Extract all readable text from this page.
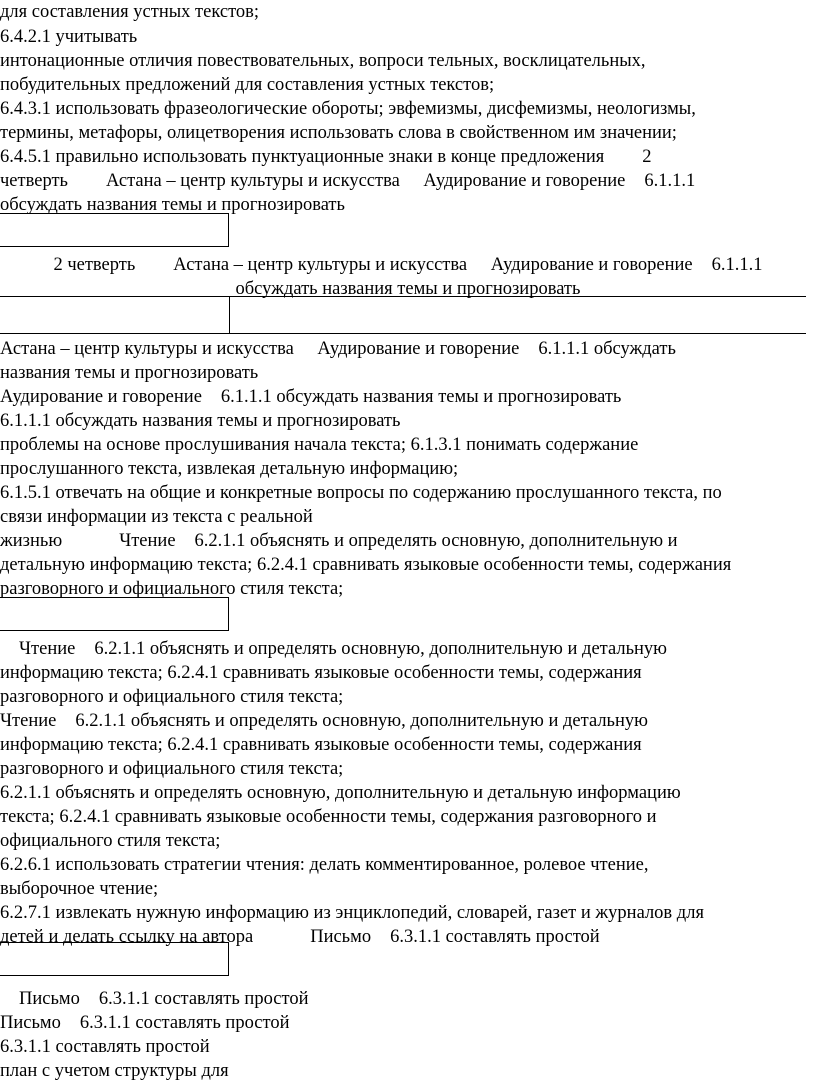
для составления устных текстов;
6.4.2.1 учитывать
интонационные отличия повествовательных, вопроси тельных, восклицательных,
побудительных предложений для составления устных текстов;
6.4.3.1 использовать фразеологические обороты; эвфемизмы, дисфемизмы, неологизмы,
термины, метафоры, олицетворения использовать слова в свойственном им значении;
6.4.5.1 правильно использовать пунктуационные знаки в конце предложения 2
четверть Астана – центр культуры и искусства Аудирование и говорение 6.1.1.1
обсуждать названия темы и прогнозировать
2 четверть Астана – центр культуры и искусства Аудирование и говорение 6.1.1.1
обсуждать названия темы и прогнозировать
Астана – центр культуры и искусства Аудирование и говорение 6.1.1.1 обсуждать
названия темы и прогнозировать
Аудирование и говорение 6.1.1.1 обсуждать названия темы и прогнозировать
6.1.1.1 обсуждать названия темы и прогнозировать
проблемы на основе прослушивания начала текста; 6.1.3.1 понимать содержание
прослушанного текста, извлекая детальную информацию;
6.1.5.1 отвечать на общие и конкретные вопросы по содержанию прослушанного текста, по
связи информации из текста с реальной
жизнью Чтение 6.2.1.1 объяснять и определять основную, дополнительную и
детальную информацию текста; 6.2.4.1 сравнивать языковые особенности темы, содержания
разговорного и официального стиля текста;
Чтение 6.2.1.1 объяснять и определять основную, дополнительную и детальную
информацию текста; 6.2.4.1 сравнивать языковые особенности темы, содержания
разговорного и официального стиля текста;
Чтение 6.2.1.1 объяснять и определять основную, дополнительную и детальную
информацию текста; 6.2.4.1 сравнивать языковые особенности темы, содержания
разговорного и официального стиля текста;
6.2.1.1 объяснять и определять основную, дополнительную и детальную информацию
текста; 6.2.4.1 сравнивать языковые особенности темы, содержания разговорного и
официального стиля текста;
6.2.6.1 использовать стратегии чтения: делать комментированное, ролевое чтение,
выборочное чтение;
6.2.7.1 извлекать нужную информацию из энциклопедий, словарей, газет и журналов для
детей и делать ссылку на автора Письмо 6.3.1.1 составлять простой
Письмо 6.3.1.1 составлять простой
Письмо 6.3.1.1 составлять простой
6.3.1.1 составлять простой
план с учетом структуры для
